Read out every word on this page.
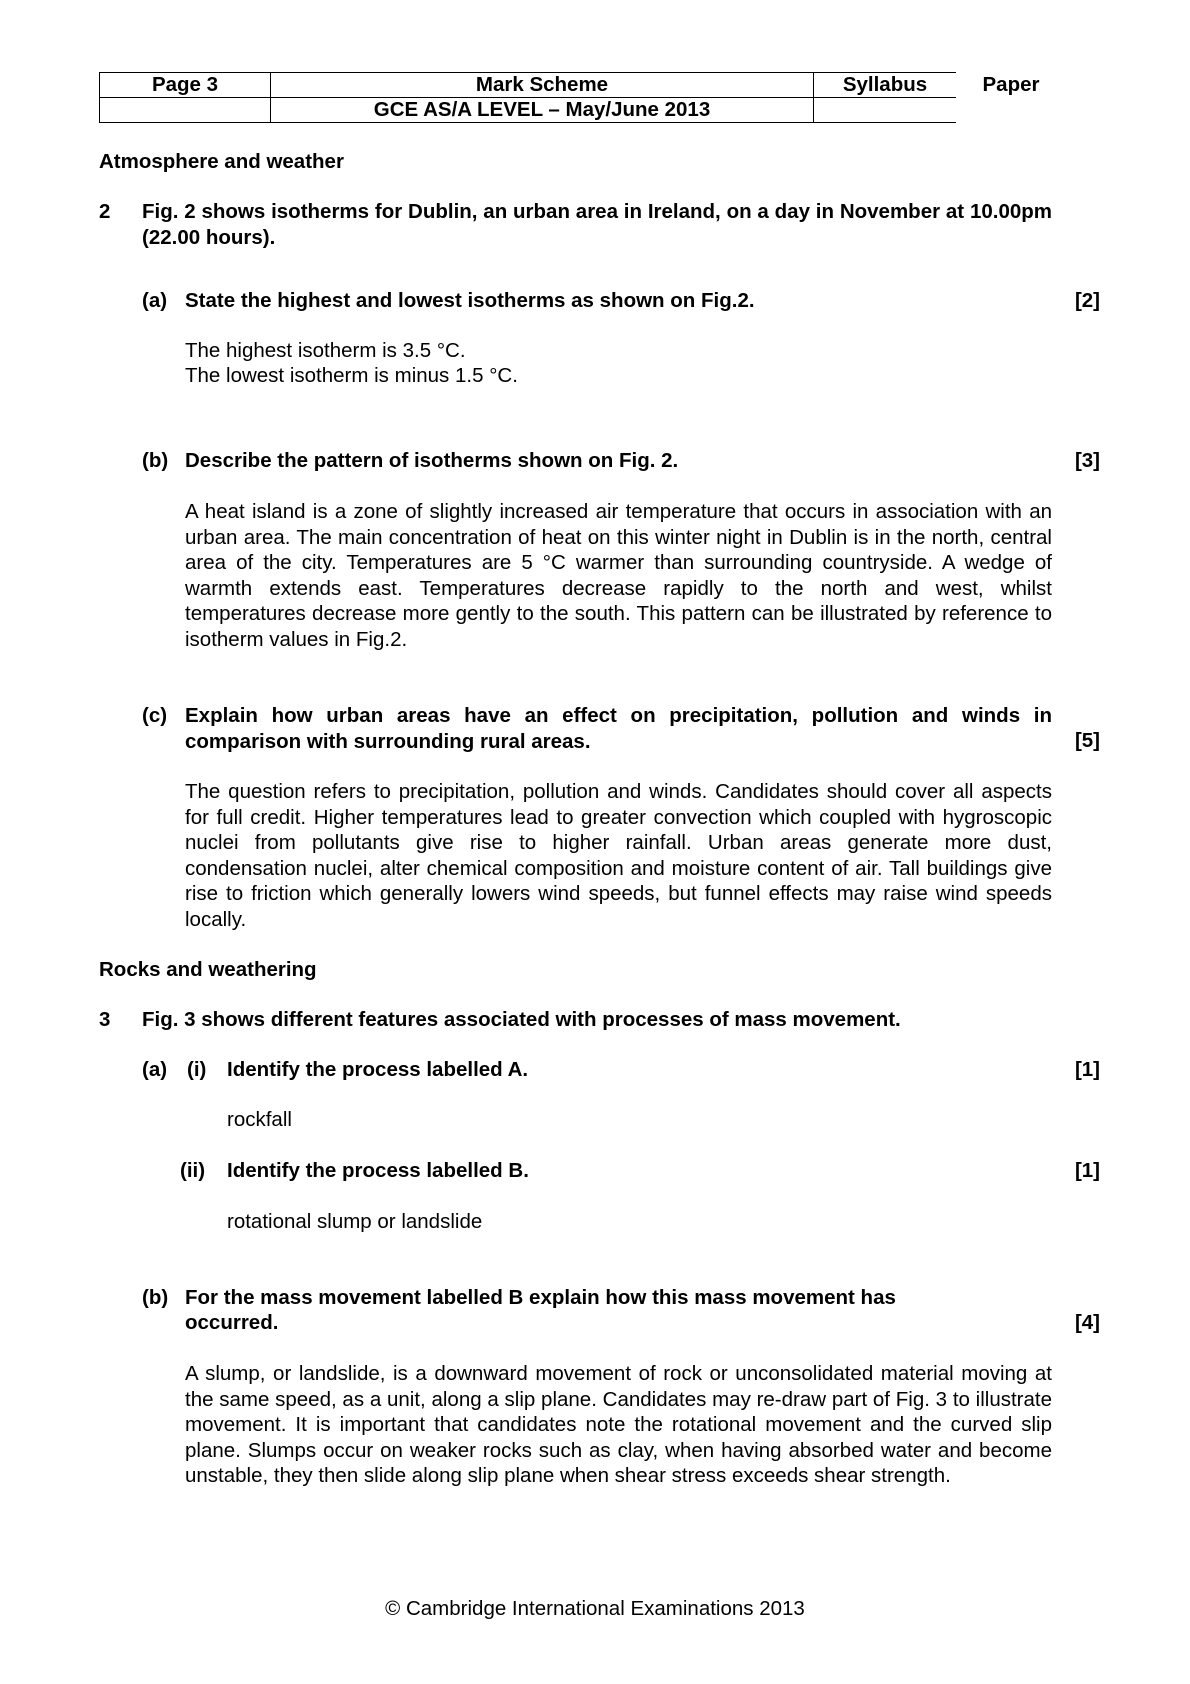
Page 3	Mark Scheme	Syllabus	Paper
	GCE AS/A LEVEL – May/June 2013		
Atmosphere and weather
2 Fig. 2 shows isotherms for Dublin, an urban area in Ireland, on a day in November at 10.00pm (22.00 hours).
(a) State the highest and lowest isotherms as shown on Fig.2.	[2]
The highest isotherm is 3.5 °C.
The lowest isotherm is minus 1.5 °C.
(b) Describe the pattern of isotherms shown on Fig. 2.	[3]
A heat island is a zone of slightly increased air temperature that occurs in association with an urban area. The main concentration of heat on this winter night in Dublin is in the north, central area of the city. Temperatures are 5 °C warmer than surrounding countryside. A wedge of warmth extends east. Temperatures decrease rapidly to the north and west, whilst temperatures decrease more gently to the south. This pattern can be illustrated by reference to isotherm values in Fig.2.
(c) Explain how urban areas have an effect on precipitation, pollution and winds in comparison with surrounding rural areas.	[5]
The question refers to precipitation, pollution and winds. Candidates should cover all aspects for full credit. Higher temperatures lead to greater convection which coupled with hygroscopic nuclei from pollutants give rise to higher rainfall. Urban areas generate more dust, condensation nuclei, alter chemical composition and moisture content of air. Tall buildings give rise to friction which generally lowers wind speeds, but funnel effects may raise wind speeds locally.
Rocks and weathering
3 Fig. 3 shows different features associated with processes of mass movement.
(a) (i) Identify the process labelled A.	[1]
rockfall
(ii) Identify the process labelled B.	[1]
rotational slump or landslide
(b) For the mass movement labelled B explain how this mass movement has
occurred.	[4]
A slump, or landslide, is a downward movement of rock or unconsolidated material moving at the same speed, as a unit, along a slip plane. Candidates may re-draw part of Fig. 3 to illustrate movement. It is important that candidates note the rotational movement and the curved slip plane. Slumps occur on weaker rocks such as clay, when having absorbed water and become unstable, they then slide along slip plane when shear stress exceeds shear strength.
© Cambridge International Examinations 2013
